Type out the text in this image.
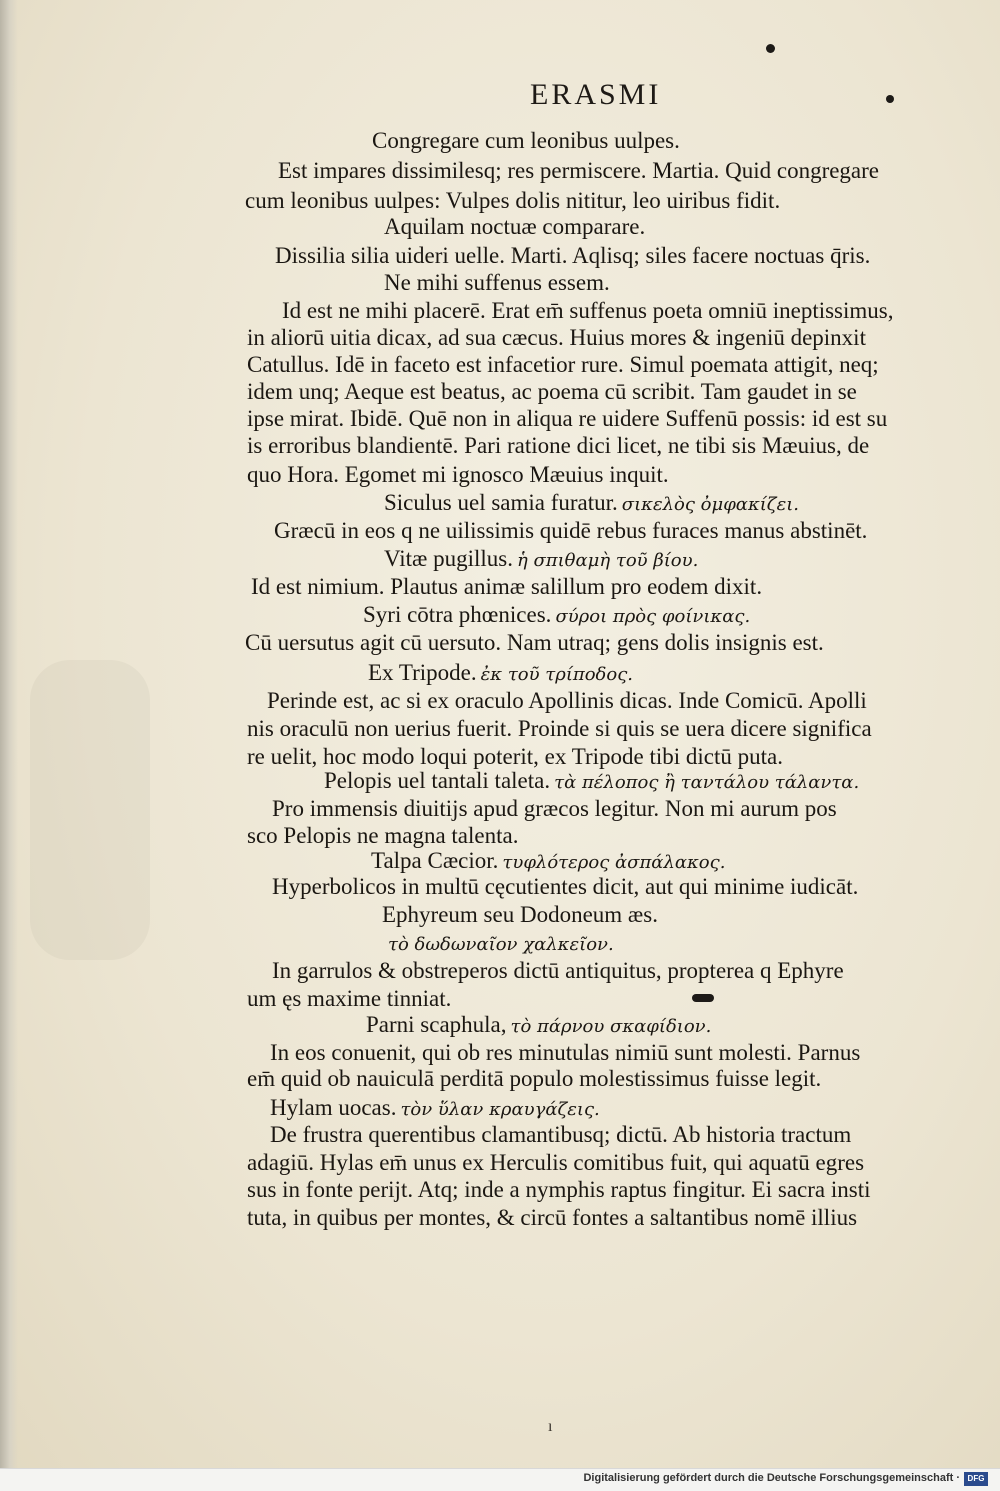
ERASMI
Congregare cum leonibus uulpes.
Est impares dissimilesq; res permiscere. Martia. Quid congregare
cum leonibus uulpes: Vulpes dolis nititur, leo uiribus fidit.
Aquilam noctuæ comparare.
Dissilia silia uideri uelle. Marti. Aqlisq; siles facere noctuas q̄ris.
Ne mihi suffenus essem.
Id est ne mihi placerē. Erat em̄ suffenus poeta omniū ineptissimus,
in aliorū uitia dicax, ad sua cæcus. Huius mores & ingeniū depinxit
Catullus. Idē in faceto est infacetior rure. Simul poemata attigit, neq;
idem unq; Aeque est beatus, ac poema cū scribit. Tam gaudet in se
ipse mirat. Ibidē. Quē non in aliqua re uidere Suffenū possis: id est su
is erroribus blandientē. Pari ratione dici licet, ne tibi sis Mæuius, de
quo Hora. Egomet mi ignosco Mæuius inquit.
Siculus uel samia furatur. σικελὸς ὀμφακίζει.
Græcū in eos q ne uilissimis quidē rebus furaces manus abstinēt.
Vitæ pugillus. ἡ σπιθαμὴ τοῦ βίου.
Id est nimium. Plautus animæ salillum pro eodem dixit.
Syri cōtra phœnices. σύροι πρὸς φοίνικας.
Cū uersutus agit cū uersuto. Nam utraq; gens dolis insignis est.
Ex Tripode. ἐκ τοῦ τρίποδος.
Perinde est, ac si ex oraculo Apollinis dicas. Inde Comicū. Apolli
nis oraculū non uerius fuerit. Proinde si quis se uera dicere significa
re uelit, hoc modo loqui poterit, ex Tripode tibi dictū puta.
Pelopis uel tantali taleta. τὰ πέλοπος ἢ ταντάλου τάλαντα.
Pro immensis diuitijs apud græcos legitur. Non mi aurum pos
sco Pelopis ne magna talenta.
Talpa Cæcior. τυφλότερος ἀσπάλακος.
Hyperbolicos in multū cęcutientes dicit, aut qui minime iudicāt.
Ephyreum seu Dodoneum æs.
τὸ δωδωναῖον χαλκεῖον.
In garrulos & obstreperos dictū antiquitus, propterea q Ephyre
um ęs maxime tinniat.
Parni scaphula, τὸ πάρνου σκαφίδιον.
In eos conuenit, qui ob res minutulas nimiū sunt molesti. Parnus
em̄ quid ob nauiculā perditā populo molestissimus fuisse legit.
Hylam uocas. τὸν ὕλαν κραυγάζεις.
De frustra querentibus clamantibusq; dictū. Ab historia tractum
adagiū. Hylas em̄ unus ex Herculis comitibus fuit, qui aquatū egres
sus in fonte perijt. Atq; inde a nymphis raptus fingitur. Ei sacra insti
tuta, in quibus per montes, & circū fontes a saltantibus nomē illius
ı
Digitalisierung gefördert durch die Deutsche Forschungsgemeinschaft · DFG
